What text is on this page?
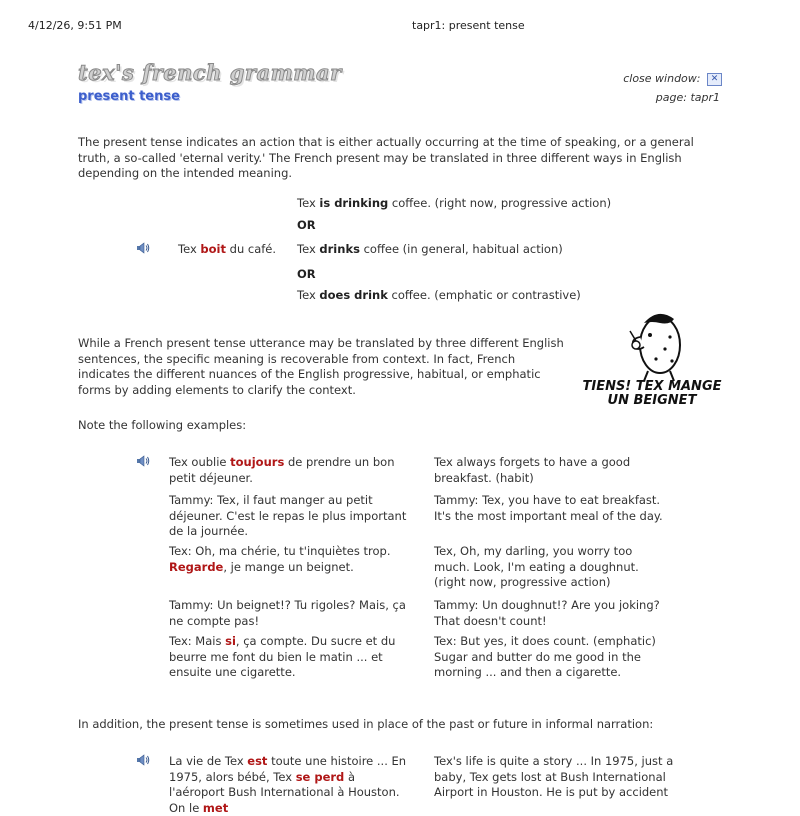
4/12/26, 9:51 PM	tapr1: present tense
tex's french grammar
present tense
close window: ✕
page: tapr1
The present tense indicates an action that is either actually occurring at the time of speaking, or a general truth, a so-called 'eternal verity.' The French present may be translated in three different ways in English depending on the intended meaning.
Tex boit du café.
Tex is drinking coffee. (right now, progressive action)
OR
Tex drinks coffee (in general, habitual action)
OR
Tex does drink coffee. (emphatic or contrastive)
While a French present tense utterance may be translated by three different English sentences, the specific meaning is recoverable from context. In fact, French indicates the different nuances of the English progressive, habitual, or emphatic forms by adding elements to clarify the context.	TIENS! TEX MANGE
UN BEIGNET
Note the following examples:
Tex oublie toujours de prendre un bon petit déjeuner.
Tex always forgets to have a good breakfast. (habit)
Tammy: Tex, il faut manger au petit déjeuner. C'est le repas le plus important de la journée.
Tammy: Tex, you have to eat breakfast. It's the most important meal of the day.
Tex: Oh, ma chérie, tu t'inquiètes trop. Regarde, je mange un beignet.
Tex, Oh, my darling, you worry too much. Look, I'm eating a doughnut. (right now, progressive action)
Tammy: Un beignet!? Tu rigoles? Mais, ça ne compte pas!
Tammy: Un doughnut!? Are you joking? That doesn't count!
Tex: Mais si, ça compte. Du sucre et du beurre me font du bien le matin ... et ensuite une cigarette.
Tex: But yes, it does count. (emphatic) Sugar and butter do me good in the morning ... and then a cigarette.
In addition, the present tense is sometimes used in place of the past or future in informal narration:
La vie de Tex est toute une histoire ... En 1975, alors bébé, Tex se perd à l'aéroport Bush International à Houston. On le met
Tex's life is quite a story ... In 1975, just a baby, Tex gets lost at Bush International Airport in Houston. He is put by accident
